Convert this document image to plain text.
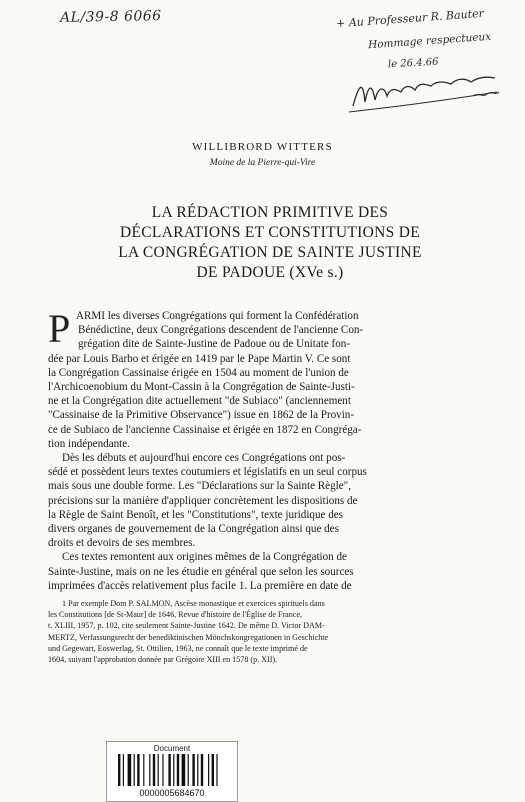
AL/39-8 6066	+ Au Professeur R. Bauter
Hommage respectueux
le 26.4.66

WILLIBRORD WITTERS

Moine de la Pierre-qui-Vire

LA RÉDACTION PRIMITIVE DES
DÉCLARATIONS ET CONSTITUTIONS DE
LA CONGRÉGATION DE SAINTE JUSTINE
DE PADOUE (XVe s.)
P ARMI les diverses Congrégations qui forment la Confédération
Bénédictine, deux Congrégations descendent de l'ancienne Con-
grégation dite de Sainte-Justine de Padoue ou de Unitate fon-
dée par Louis Barbo et érigée en 1419 par le Pape Martin V. Ce sont
la Congrégation Cassinaise érigée en 1504 au moment de l'union de
l'Archicoenobium du Mont-Cassin à la Congrégation de Sainte-Justi-
ne et la Congrégation dite actuellement "de Subiaco" (anciennement
"Cassinaise de la Primitive Observance") issue en 1862 de la Provin-
ce de Subiaco de l'ancienne Cassinaise et érigée en 1872 en Congréga-
tion indépendante.

Dès les débuts et aujourd'hui encore ces Congrégations ont pos-
sédé et possèdent leurs textes coutumiers et législatifs en un seul corpus
mais sous une double forme. Les "Déclarations sur la Sainte Règle",
précisions sur la manière d'appliquer concrètement les dispositions de
la Règle de Saint Benoît, et les "Constitutions", texte juridique des
divers organes de gouvernement de la Congrégation ainsi que des
droits et devoirs de ses membres.

Ces textes remontent aux origines mêmes de la Congrégation de
Sainte-Justine, mais on ne les étudie en général que selon les sources
imprimées d'accès relativement plus facile 1. La première en date de

1 Par exemple Dom P. SALMON, Ascèse monastique et exercices spirituels dans
les Constitutions [de St-Maur] de 1646, Revue d'histoire de l'Église de France,
t. XLIII, 1957, p. 102, cite seulement Sainte-Justine 1642. De même D. Victor DAM-
MERTZ, Verfassungsrecht der benediktinischen Mönchskongregationen in Geschichte
und Gegewart, Eoswerlag, St. Ottilien, 1963, ne connaît que le texte imprimé de
1604, suivant l'approbation donnée par Grégoire XIII en 1578 (p. XII).
Document
0000005684670
